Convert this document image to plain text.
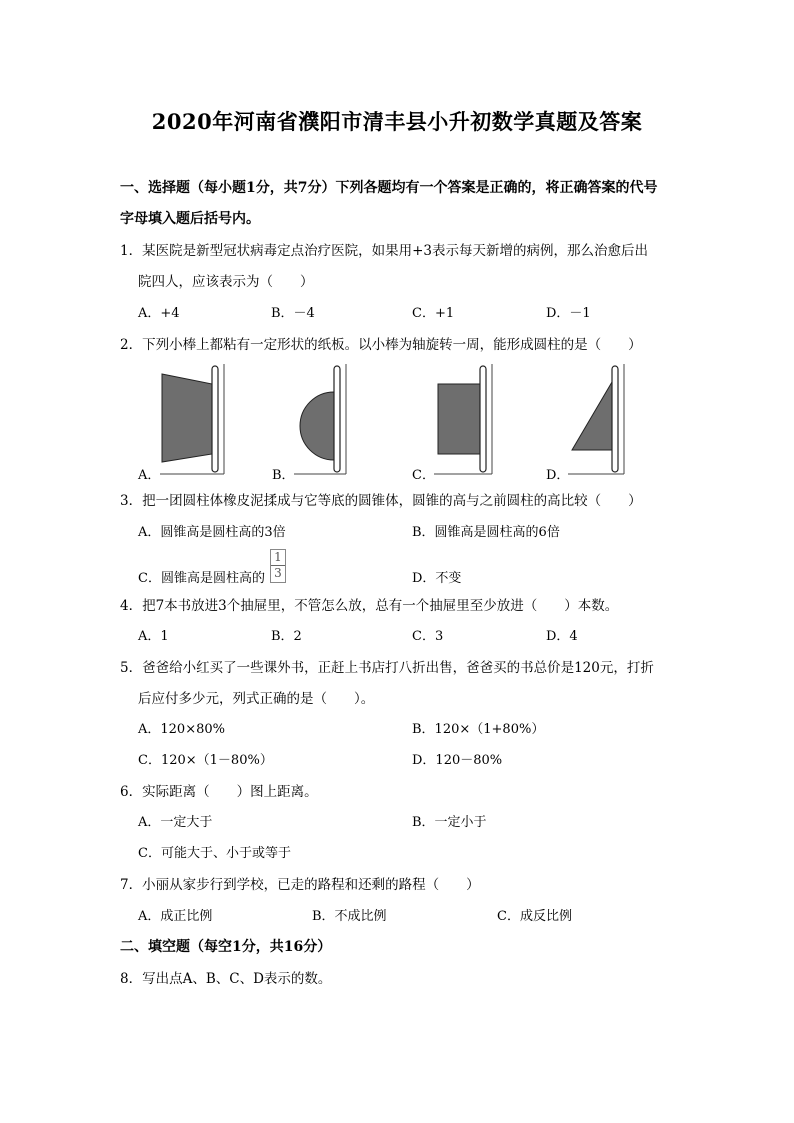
2020年河南省濮阳市清丰县小升初数学真题及答案
一、选择题（每小题1分，共7分）下列各题均有一个答案是正确的，将正确答案的代号
字母填入题后括号内。
1．某医院是新型冠状病毒定点治疗医院，如果用+3表示每天新增的病例，那么治愈后出
院四人，应该表示为（　　）
A．+4	B．－4	C．+1	D．－1
2．下列小棒上都粘有一定形状的纸板。以小棒为轴旋转一周，能形成圆柱的是（　　）
A．	B．	C．	D．
3．把一团圆柱体橡皮泥揉成与它等底的圆锥体，圆锥的高与之前圆柱的高比较（　　）
A．圆锥高是圆柱高的3倍	B．圆锥高是圆柱高的6倍
C．圆锥高是圆柱高的 $\frac{1}{3}$	D．不变
4．把7本书放进3个抽屉里，不管怎么放，总有一个抽屉里至少放进（　　）本数。
A．1	B．2	C．3	D．4
5．爸爸给小红买了一些课外书，正赶上书店打八折出售，爸爸买的书总价是120元，打折
后应付多少元，列式正确的是（　　）。
A．120×80%	B．120×（1+80%）
C．120×（1－80%）	D．120－80%
6．实际距离（　　）图上距离。
A．一定大于	B．一定小于
C．可能大于、小于或等于
7．小丽从家步行到学校，已走的路程和还剩的路程（　　）
A．成正比例	B．不成比例	C．成反比例
二、填空题（每空1分，共16分）
8．写出点A、B、C、D表示的数。
